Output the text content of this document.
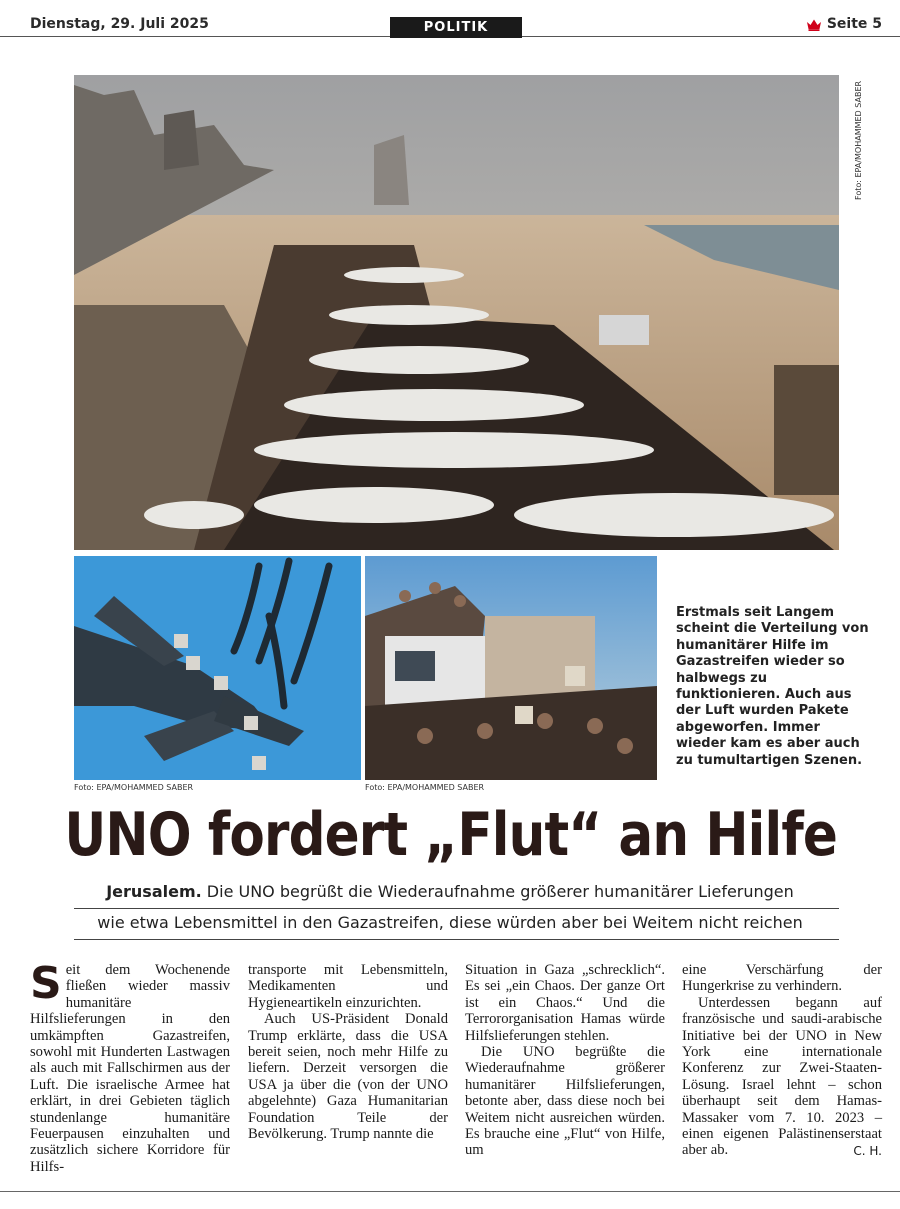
Dienstag, 29. Juli 2025	POLITIK	Seite 5
Foto: EPA/MOHAMMED SABER
Foto: EPA/MOHAMMED SABER	Foto: EPA/MOHAMMED SABER
Erstmals seit Langem scheint die Verteilung von humanitärer Hilfe im Gazastreifen wieder so halbwegs zu funktionieren. Auch aus der Luft wurden Pakete abgeworfen. Immer wieder kam es aber auch zu tumultartigen Szenen.
UNO fordert „Flut“ an Hilfe
Jerusalem. Die UNO begrüßt die Wiederaufnahme größerer humanitärer Lieferungen
wie etwa Lebensmittel in den Gazastreifen, diese würden aber bei Weitem nicht reichen
S eit dem Wochenende fließen wieder massiv humanitäre Hilfslieferungen in den umkämpften Gazastreifen, sowohl mit Hunderten Lastwagen als auch mit Fallschirmen aus der Luft. Die israelische Armee hat erklärt, in drei Gebieten täglich stundenlange humanitäre Feuerpausen einzuhalten und zusätzlich sichere Korridore für Hilfs-

transporte mit Lebensmitteln, Medikamenten und Hygieneartikeln einzurichten.

Auch US-Präsident Donald Trump erklärte, dass die USA bereit seien, noch mehr Hilfe zu liefern. Derzeit versorgen die USA ja über die (von der UNO abgelehnte) Gaza Humanitarian Foundation Teile der Bevölkerung. Trump nannte die

Situation in Gaza „schrecklich“. Es sei „ein Chaos. Der ganze Ort ist ein Chaos.“ Und die Terrororganisation Hamas würde Hilfslieferungen stehlen.

Die UNO begrüßte die Wiederaufnahme größerer humanitärer Hilfslieferungen, betonte aber, dass diese noch bei Weitem nicht ausreichen würden. Es brauche eine „Flut“ von Hilfe, um

eine Verschärfung der Hungerkrise zu verhindern.

Unterdessen begann auf französische und saudi-arabische Initiative bei der UNO in New York eine internationale Konferenz zur Zwei-Staaten-Lösung. Israel lehnt – schon überhaupt seit dem Hamas-Massaker vom 7. 10. 2023 – einen eigenen Palästinenserstaat aber ab.	C. H.
